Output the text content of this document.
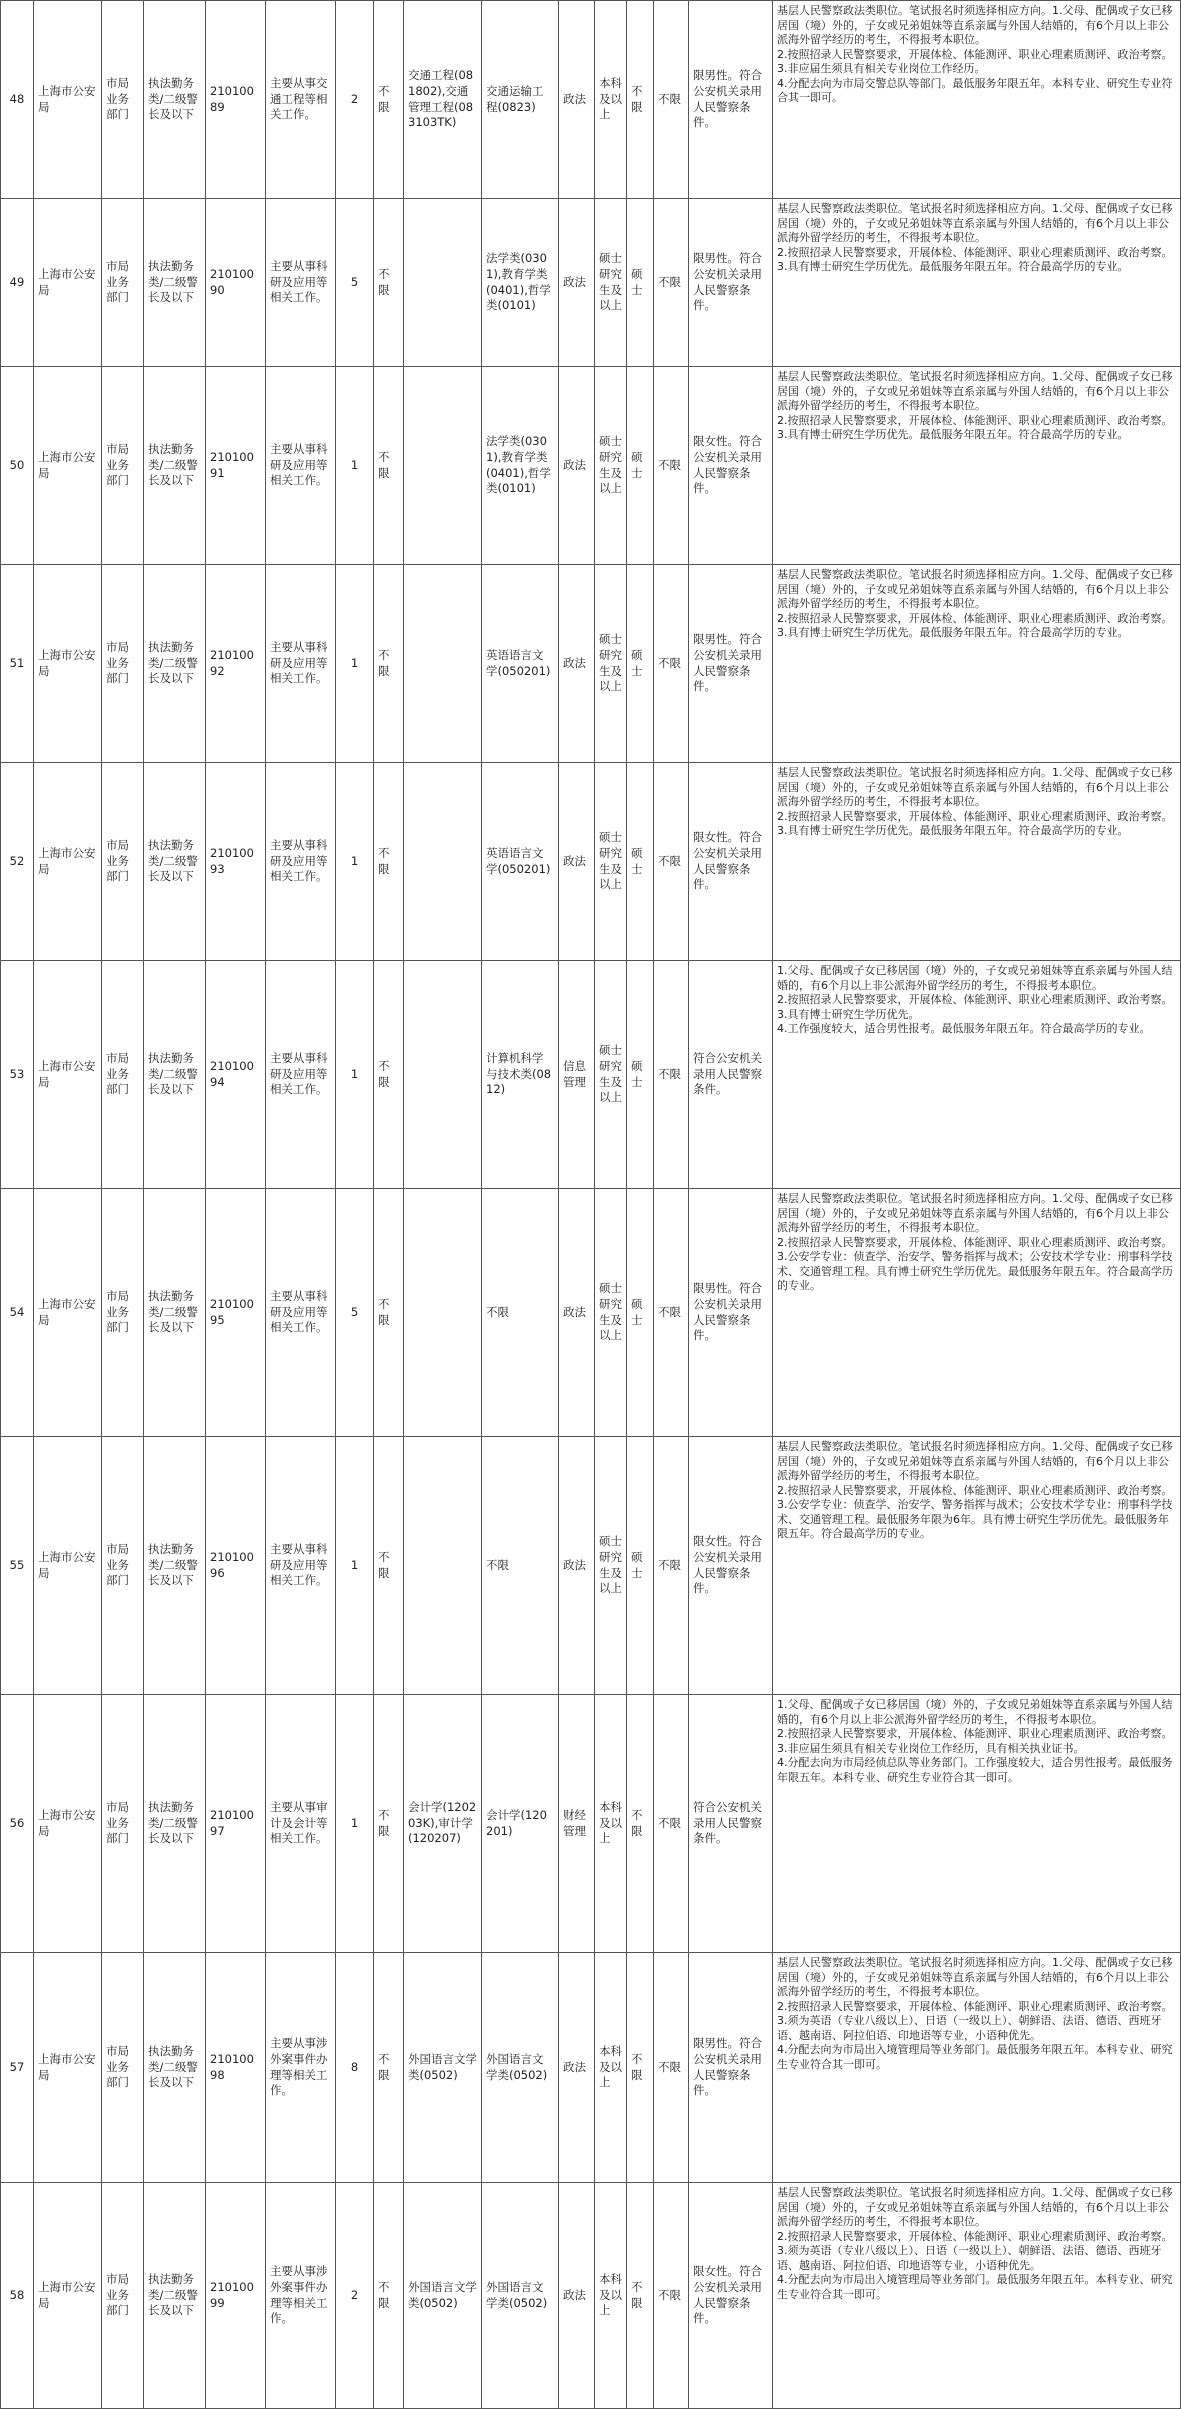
48	上海市公安局	市局业务部门	执法勤务类/二级警长及以下	21010089	主要从事交通工程等相关工作。	2	不限	交通工程(081802),交通管理工程(083103TK)	交通运输工程(0823)	政法	本科及以上	不限	不限	限男性。符合公安机关录用人民警察条件。	基层人民警察政法类职位。笔试报名时须选择相应方向。1.父母、配偶或子女已移居国（境）外的，子女或兄弟姐妹等直系亲属与外国人结婚的，有6个月以上非公派海外留学经历的考生，不得报考本职位。
2.按照招录人民警察要求，开展体检、体能测评、职业心理素质测评、政治考察。
3.非应届生须具有相关专业岗位工作经历。
4.分配去向为市局交警总队等部门。最低服务年限五年。本科专业、研究生专业符合其一即可。
49	上海市公安局	市局业务部门	执法勤务类/二级警长及以下	21010090	主要从事科研及应用等相关工作。	5	不限		法学类(0301),教育学类(0401),哲学类(0101)	政法	硕士研究生及以上	硕士	不限	限男性。符合公安机关录用人民警察条件。	基层人民警察政法类职位。笔试报名时须选择相应方向。1.父母、配偶或子女已移居国（境）外的，子女或兄弟姐妹等直系亲属与外国人结婚的，有6个月以上非公派海外留学经历的考生，不得报考本职位。
2.按照招录人民警察要求，开展体检、体能测评、职业心理素质测评、政治考察。
3.具有博士研究生学历优先。最低服务年限五年。符合最高学历的专业。
50	上海市公安局	市局业务部门	执法勤务类/二级警长及以下	21010091	主要从事科研及应用等相关工作。	1	不限		法学类(0301),教育学类(0401),哲学类(0101)	政法	硕士研究生及以上	硕士	不限	限女性。符合公安机关录用人民警察条件。	基层人民警察政法类职位。笔试报名时须选择相应方向。1.父母、配偶或子女已移居国（境）外的，子女或兄弟姐妹等直系亲属与外国人结婚的，有6个月以上非公派海外留学经历的考生，不得报考本职位。
2.按照招录人民警察要求，开展体检、体能测评、职业心理素质测评、政治考察。
3.具有博士研究生学历优先。最低服务年限五年。符合最高学历的专业。
51	上海市公安局	市局业务部门	执法勤务类/二级警长及以下	21010092	主要从事科研及应用等相关工作。	1	不限		英语语言文学(050201)	政法	硕士研究生及以上	硕士	不限	限男性。符合公安机关录用人民警察条件。	基层人民警察政法类职位。笔试报名时须选择相应方向。1.父母、配偶或子女已移居国（境）外的，子女或兄弟姐妹等直系亲属与外国人结婚的，有6个月以上非公派海外留学经历的考生，不得报考本职位。
2.按照招录人民警察要求，开展体检、体能测评、职业心理素质测评、政治考察。
3.具有博士研究生学历优先。最低服务年限五年。符合最高学历的专业。
52	上海市公安局	市局业务部门	执法勤务类/二级警长及以下	21010093	主要从事科研及应用等相关工作。	1	不限		英语语言文学(050201)	政法	硕士研究生及以上	硕士	不限	限女性。符合公安机关录用人民警察条件。	基层人民警察政法类职位。笔试报名时须选择相应方向。1.父母、配偶或子女已移居国（境）外的，子女或兄弟姐妹等直系亲属与外国人结婚的，有6个月以上非公派海外留学经历的考生，不得报考本职位。
2.按照招录人民警察要求，开展体检、体能测评、职业心理素质测评、政治考察。
3.具有博士研究生学历优先。最低服务年限五年。符合最高学历的专业。
53	上海市公安局	市局业务部门	执法勤务类/二级警长及以下	21010094	主要从事科研及应用等相关工作。	1	不限		计算机科学与技术类(0812)	信息管理	硕士研究生及以上	硕士	不限	符合公安机关录用人民警察条件。	1.父母、配偶或子女已移居国（境）外的，子女或兄弟姐妹等直系亲属与外国人结婚的，有6个月以上非公派海外留学经历的考生，不得报考本职位。
2.按照招录人民警察要求，开展体检、体能测评、职业心理素质测评、政治考察。
3.具有博士研究生学历优先。
4.工作强度较大，适合男性报考。最低服务年限五年。符合最高学历的专业。
54	上海市公安局	市局业务部门	执法勤务类/二级警长及以下	21010095	主要从事科研及应用等相关工作。	5	不限		不限	政法	硕士研究生及以上	硕士	不限	限男性。符合公安机关录用人民警察条件。	基层人民警察政法类职位。笔试报名时须选择相应方向。1.父母、配偶或子女已移居国（境）外的，子女或兄弟姐妹等直系亲属与外国人结婚的，有6个月以上非公派海外留学经历的考生，不得报考本职位。
2.按照招录人民警察要求，开展体检、体能测评、职业心理素质测评、政治考察。
3.公安学专业：侦查学、治安学、警务指挥与战术；公安技术学专业：刑事科学技术、交通管理工程。具有博士研究生学历优先。最低服务年限五年。符合最高学历的专业。
55	上海市公安局	市局业务部门	执法勤务类/二级警长及以下	21010096	主要从事科研及应用等相关工作。	1	不限		不限	政法	硕士研究生及以上	硕士	不限	限女性。符合公安机关录用人民警察条件。	基层人民警察政法类职位。笔试报名时须选择相应方向。1.父母、配偶或子女已移居国（境）外的，子女或兄弟姐妹等直系亲属与外国人结婚的，有6个月以上非公派海外留学经历的考生，不得报考本职位。
2.按照招录人民警察要求，开展体检、体能测评、职业心理素质测评、政治考察。
3.公安学专业：侦查学、治安学、警务指挥与战术；公安技术学专业：刑事科学技术、交通管理工程。最低服务年限为6年。具有博士研究生学历优先。最低服务年限五年。符合最高学历的专业。
56	上海市公安局	市局业务部门	执法勤务类/二级警长及以下	21010097	主要从事审计及会计等相关工作。	1	不限	会计学(120203K),审计学(120207)	会计学(120201)	财经管理	本科及以上	不限	不限	符合公安机关录用人民警察条件。	1.父母、配偶或子女已移居国（境）外的，子女或兄弟姐妹等直系亲属与外国人结婚的，有6个月以上非公派海外留学经历的考生，不得报考本职位。
2.按照招录人民警察要求，开展体检、体能测评、职业心理素质测评、政治考察。
3.非应届生须具有相关专业岗位工作经历，具有相关执业证书。
4.分配去向为市局经侦总队等业务部门。工作强度较大，适合男性报考。最低服务年限五年。本科专业、研究生专业符合其一即可。
57	上海市公安局	市局业务部门	执法勤务类/二级警长及以下	21010098	主要从事涉外案事件办理等相关工作。	8	不限	外国语言文学类(0502)	外国语言文学类(0502)	政法	本科及以上	不限	不限	限男性。符合公安机关录用人民警察条件。	基层人民警察政法类职位。笔试报名时须选择相应方向。1.父母、配偶或子女已移居国（境）外的，子女或兄弟姐妹等直系亲属与外国人结婚的，有6个月以上非公派海外留学经历的考生，不得报考本职位。
2.按照招录人民警察要求，开展体检、体能测评、职业心理素质测评、政治考察。
3.须为英语（专业八级以上）、日语（一级以上）、朝鲜语、法语、德语、西班牙语、越南语、阿拉伯语、印地语等专业，小语种优先。
4.分配去向为市局出入境管理局等业务部门。最低服务年限五年。本科专业、研究生专业符合其一即可。
58	上海市公安局	市局业务部门	执法勤务类/二级警长及以下	21010099	主要从事涉外案事件办理等相关工作。	2	不限	外国语言文学类(0502)	外国语言文学类(0502)	政法	本科及以上	不限	不限	限女性。符合公安机关录用人民警察条件。	基层人民警察政法类职位。笔试报名时须选择相应方向。1.父母、配偶或子女已移居国（境）外的，子女或兄弟姐妹等直系亲属与外国人结婚的，有6个月以上非公派海外留学经历的考生，不得报考本职位。
2.按照招录人民警察要求，开展体检、体能测评、职业心理素质测评、政治考察。
3.须为英语（专业八级以上）、日语（一级以上）、朝鲜语、法语、德语、西班牙语、越南语、阿拉伯语、印地语等专业，小语种优先。
4.分配去向为市局出入境管理局等业务部门。最低服务年限五年。本科专业、研究生专业符合其一即可。
